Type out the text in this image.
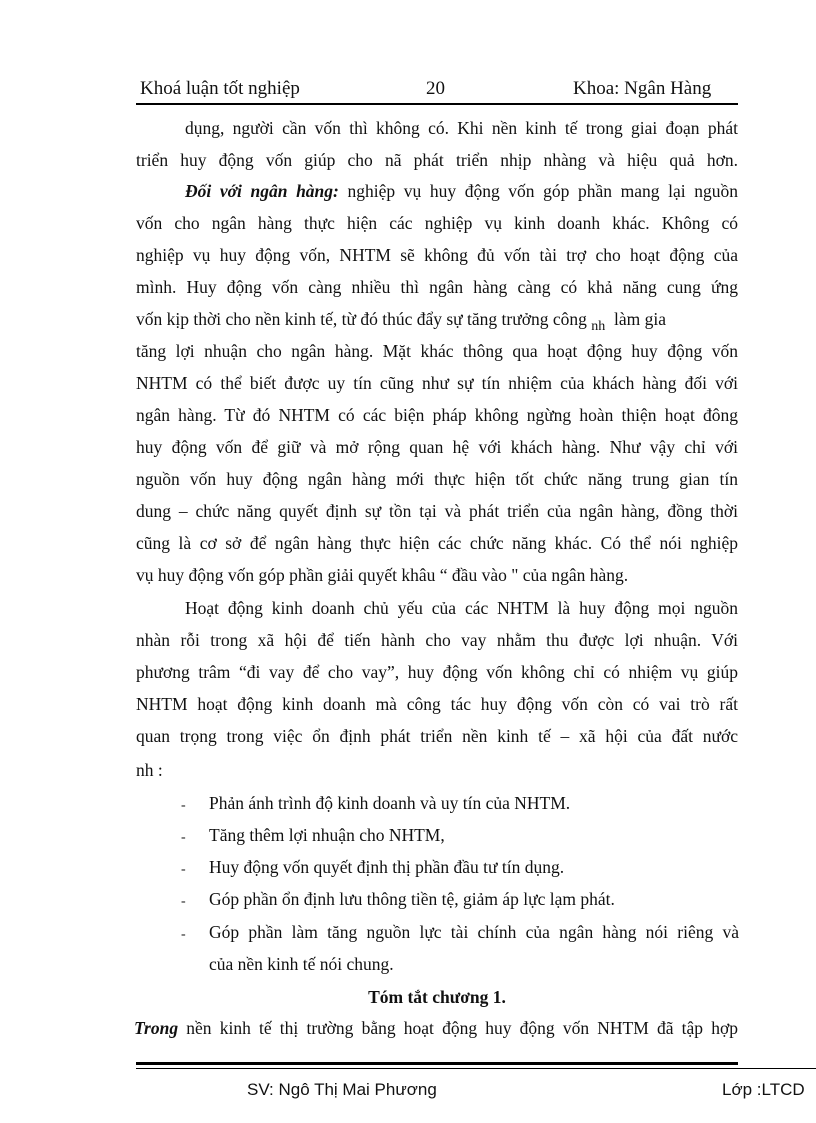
Khoá luận tốt nghiệp	20	Khoa: Ngân Hàng
dụng, người cần vốn thì không có. Khi nền kinh tế trong giai đoạn phát
triển huy động vốn giúp cho nã phát triển nhịp nhàng và hiệu quả hơn.
Đối với ngân hàng: nghiệp vụ huy động vốn góp phần mang lại nguồn
vốn cho ngân hàng thực hiện các nghiệp vụ kinh doanh khác. Không có
nghiệp vụ huy động vốn, NHTM sẽ không đủ vốn tài trợ cho hoạt động của
mình. Huy động vốn càng nhiều thì ngân hàng càng có khả năng cung ứng
vốn kịp thời cho nền kinh tế, từ đó thúc đẩy sự tăng trưởng công $_{nh}$ làm gia
tăng lợi nhuận cho ngân hàng. Mặt khác thông qua hoạt động huy động vốn
NHTM có thể biết được uy tín cũng như sự tín nhiệm của khách hàng đối với
ngân hàng. Từ đó NHTM có các biện pháp không ngừng hoàn thiện hoạt đông
huy động vốn để giữ và mở rộng quan hệ với khách hàng. Như vậy chỉ với
nguồn vốn huy động ngân hàng mới thực hiện tốt chức năng trung gian tín
dung – chức năng quyết định sự tồn tại và phát triển của ngân hàng, đồng thời
cũng là cơ sở để ngân hàng thực hiện các chức năng khác. Có thể nói nghiệp
vụ huy động vốn góp phần giải quyết khâu “ đầu vào " của ngân hàng.
Hoạt động kinh doanh chủ yếu của các NHTM là huy động mọi nguồn
nhàn rỗi trong xã hội để tiến hành cho vay nhằm thu được lợi nhuận. Với
phương trâm “đi vay để cho vay”, huy động vốn không chỉ có nhiệm vụ giúp
NHTM hoạt động kinh doanh mà công tác huy động vốn còn có vai trò rất
quan trọng trong việc ổn định phát triển nền kinh tế – xã hội của đất nước
nh :
- Phản ánh trình độ kinh doanh và uy tín của NHTM.
- Tăng thêm lợi nhuận cho NHTM,
- Huy động vốn quyết định thị phần đầu tư tín dụng.
- Góp phần ổn định lưu thông tiền tệ, giảm áp lực lạm phát.
- Góp phần làm tăng nguồn lực tài chính của ngân hàng nói riêng và
của nền kinh tế nói chung.
Tóm tắt chương 1.
Trong nền kinh tế thị trường bằng hoạt động huy động vốn NHTM đã tập hợp
SV: Ngô Thị Mai Phương	Lớp :LTCD
